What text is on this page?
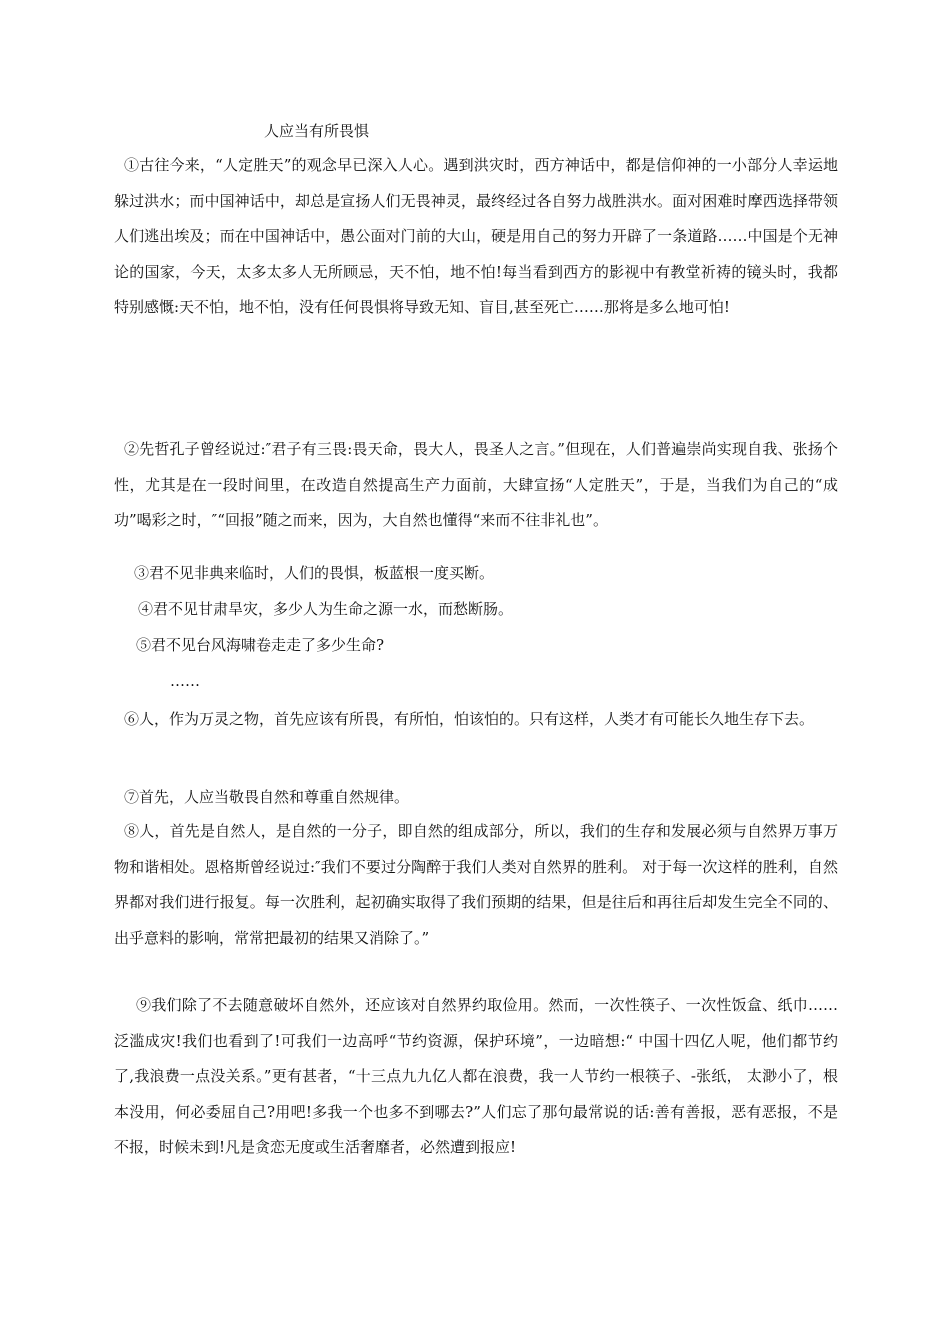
人应当有所畏惧

①古往今来，“人定胜天”的观念早已深入人心。遇到洪灾时，西方神话中，都是信仰神的一小部分人幸运地躲过洪水；而中国神话中，却总是宣扬人们无畏神灵，最终经过各自努力战胜洪水。面对困难时摩西选择带领人们逃出埃及；而在中国神话中，愚公面对门前的大山，硬是用自己的努力开辟了一条道路……中国是个无神论的国家，今天，太多太多人无所顾忌，天不怕，地不怕!每当看到西方的影视中有教堂祈祷的镜头时，我都特别感慨:天不怕，地不怕，没有任何畏惧将导致无知、盲目,甚至死亡……那将是多么地可怕!

②先哲孔子曾经说过:″君子有三畏:畏天命，畏大人，畏圣人之言。”但现在，人们普遍崇尚实现自我、张扬个性，尤其是在一段时间里，在改造自然提高生产力面前，大肆宣扬“人定胜天”，于是，当我们为自己的“成功”喝彩之时，″“回报”随之而来，因为，大自然也懂得“来而不往非礼也”。

③君不见非典来临时，人们的畏惧，板蓝根一度买断。

④君不见甘肃旱灾，多少人为生命之源一水，而愁断肠。

⑤君不见台风海啸卷走走了多少生命?

……

⑥人，作为万灵之物，首先应该有所畏，有所怕，怕该怕的。只有这样，人类才有可能长久地生存下去。

⑦首先，人应当敬畏自然和尊重自然规律。

⑧人，首先是自然人，是自然的一分子，即自然的组成部分，所以，我们的生存和发展必须与自然界万事万物和谐相处。恩格斯曾经说过:″我们不要过分陶醉于我们人类对自然界的胜利。 对于每一次这样的胜利，自然界都对我们进行报复。每一次胜利，起初确实取得了我们预期的结果，但是往后和再往后却发生完全不同的、出乎意料的影响，常常把最初的结果又消除了。”

⑨我们除了不去随意破坏自然外，还应该对自然界约取俭用。然而，一次性筷子、一次性饭盒、纸巾……泛滥成灾!我们也看到了!可我们一边高呼“节约资源，保护环境”，一边暗想:“ 中国十四亿人呢，他们都节约了,我浪费一点没关系。”更有甚者，“十三点九九亿人都在浪费，我一人节约一根筷子、-张纸， 太渺小了，根本没用，何必委屈自己?用吧!多我一个也多不到哪去?”人们忘了那句最常说的话:善有善报，恶有恶报，不是不报，时候未到!凡是贪恋无度或生活奢靡者，必然遭到报应!
